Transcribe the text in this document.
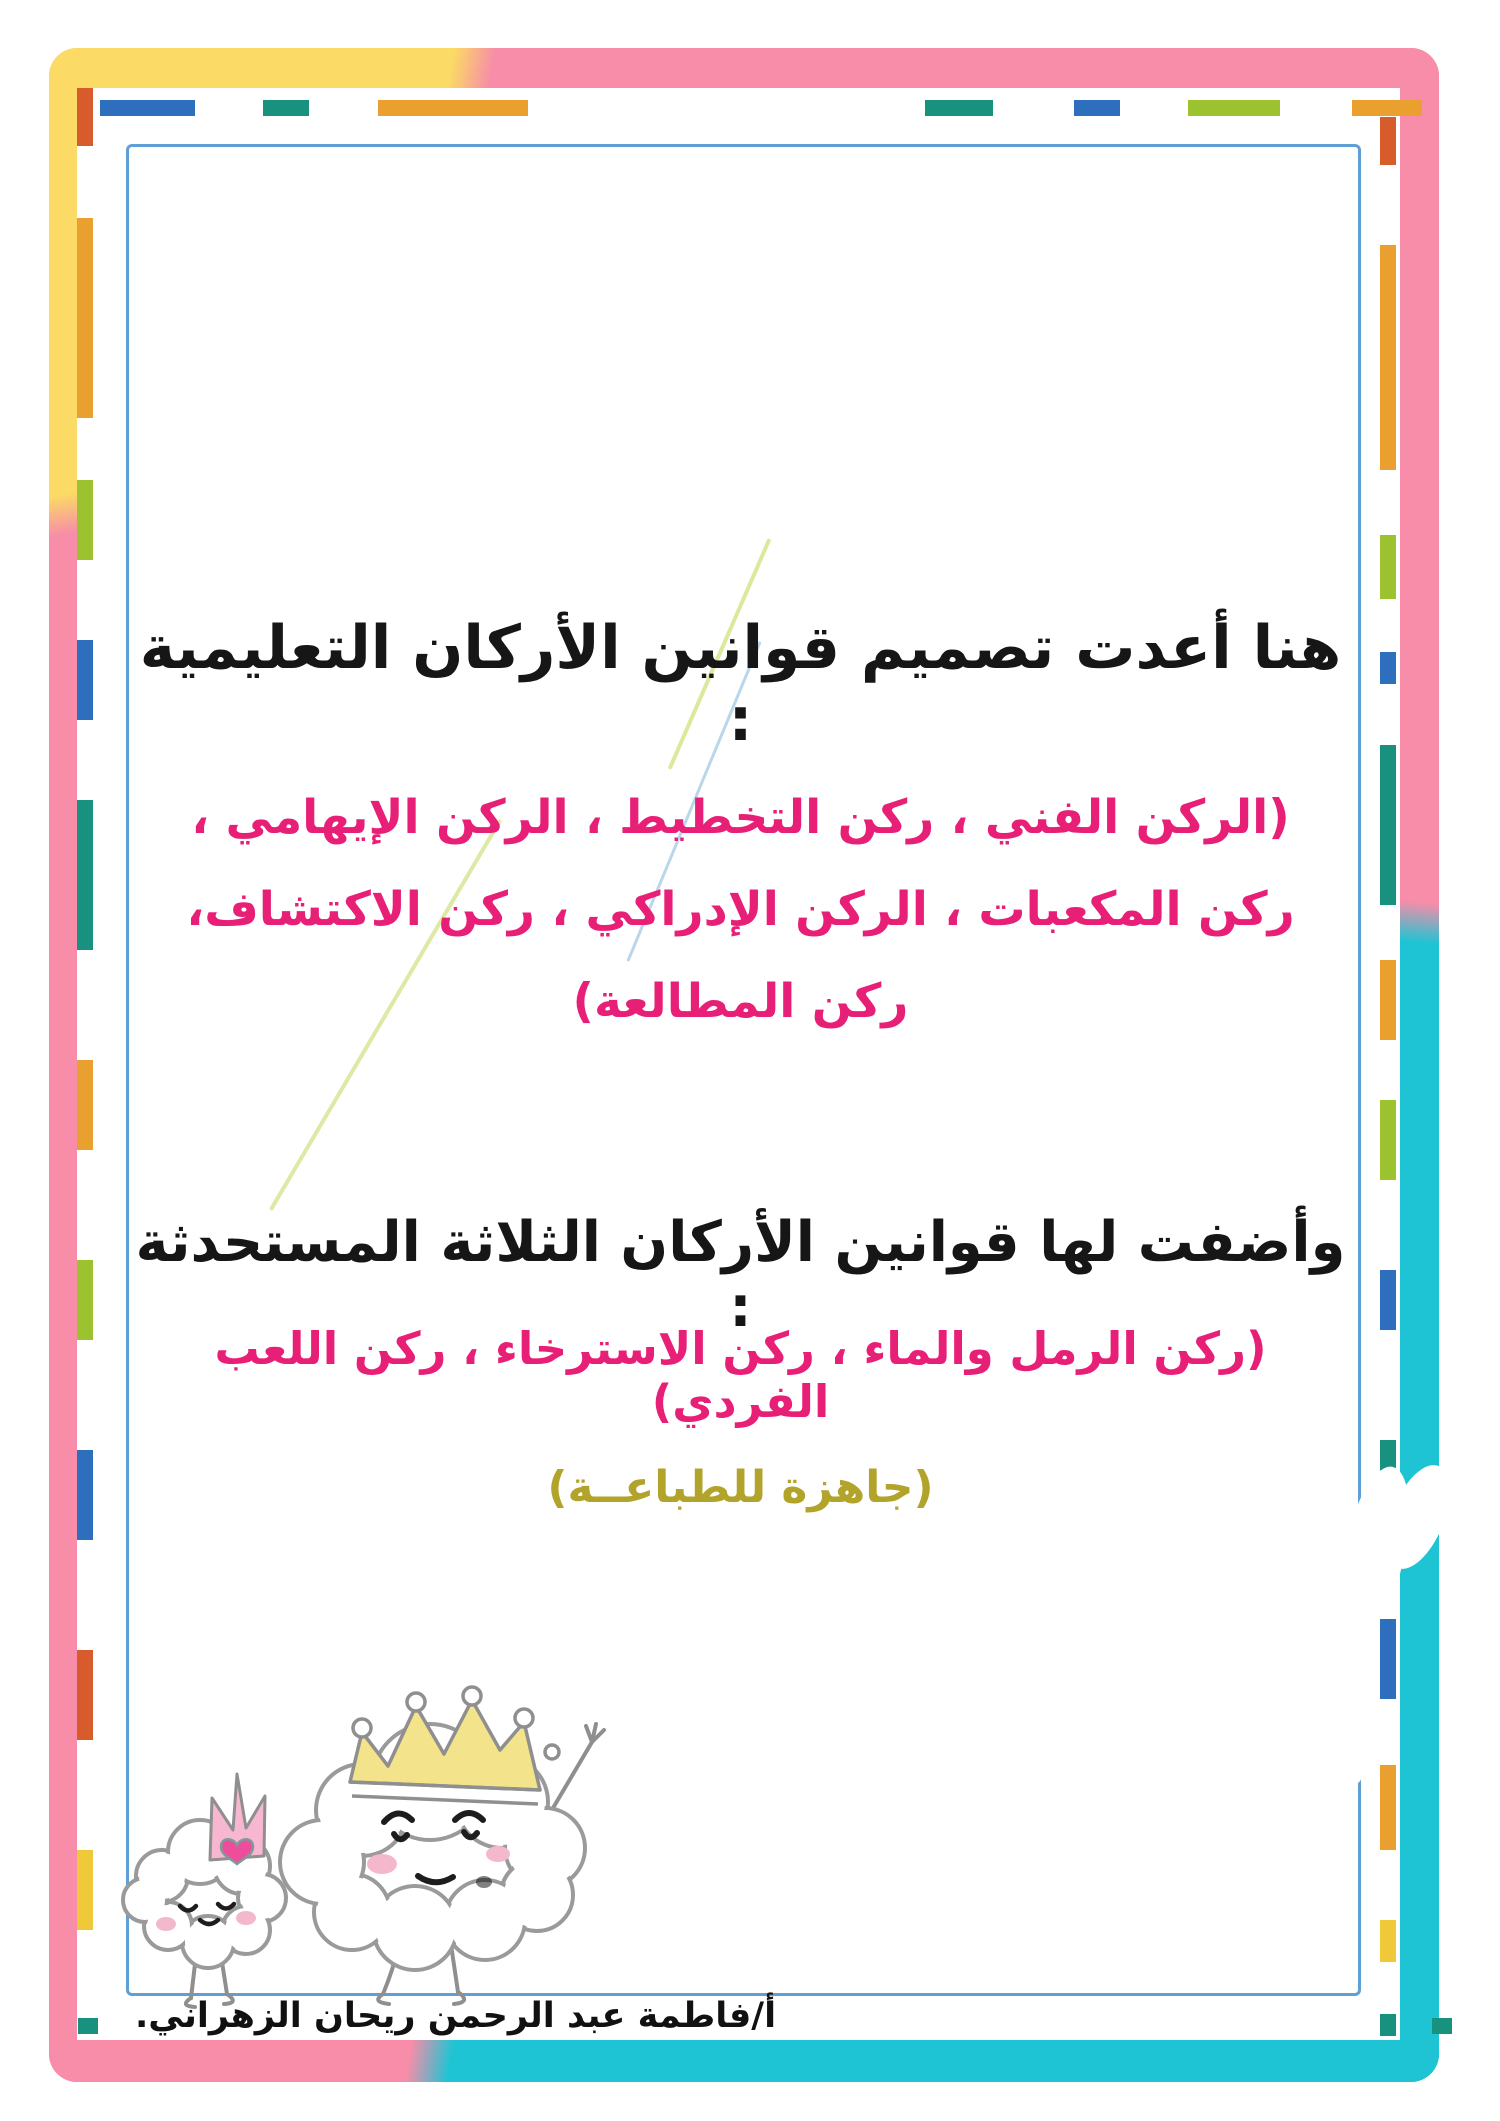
هنا أعدت تصميم قوانين الأركان التعليمية :
(الركن الفني ، ركن التخطيط ، الركن الإيهامي ،
ركن المكعبات ، الركن الإدراكي ، ركن الاكتشاف،
ركن المطالعة)
وأضفت لها قوانين الأركان الثلاثة المستحدثة :
(ركن الرمل والماء ، ركن الاسترخاء ، ركن اللعب الفردي)
(جاهزة للطباعــة)
أ/فاطمة عبد الرحمن ريحان الزهراني.
